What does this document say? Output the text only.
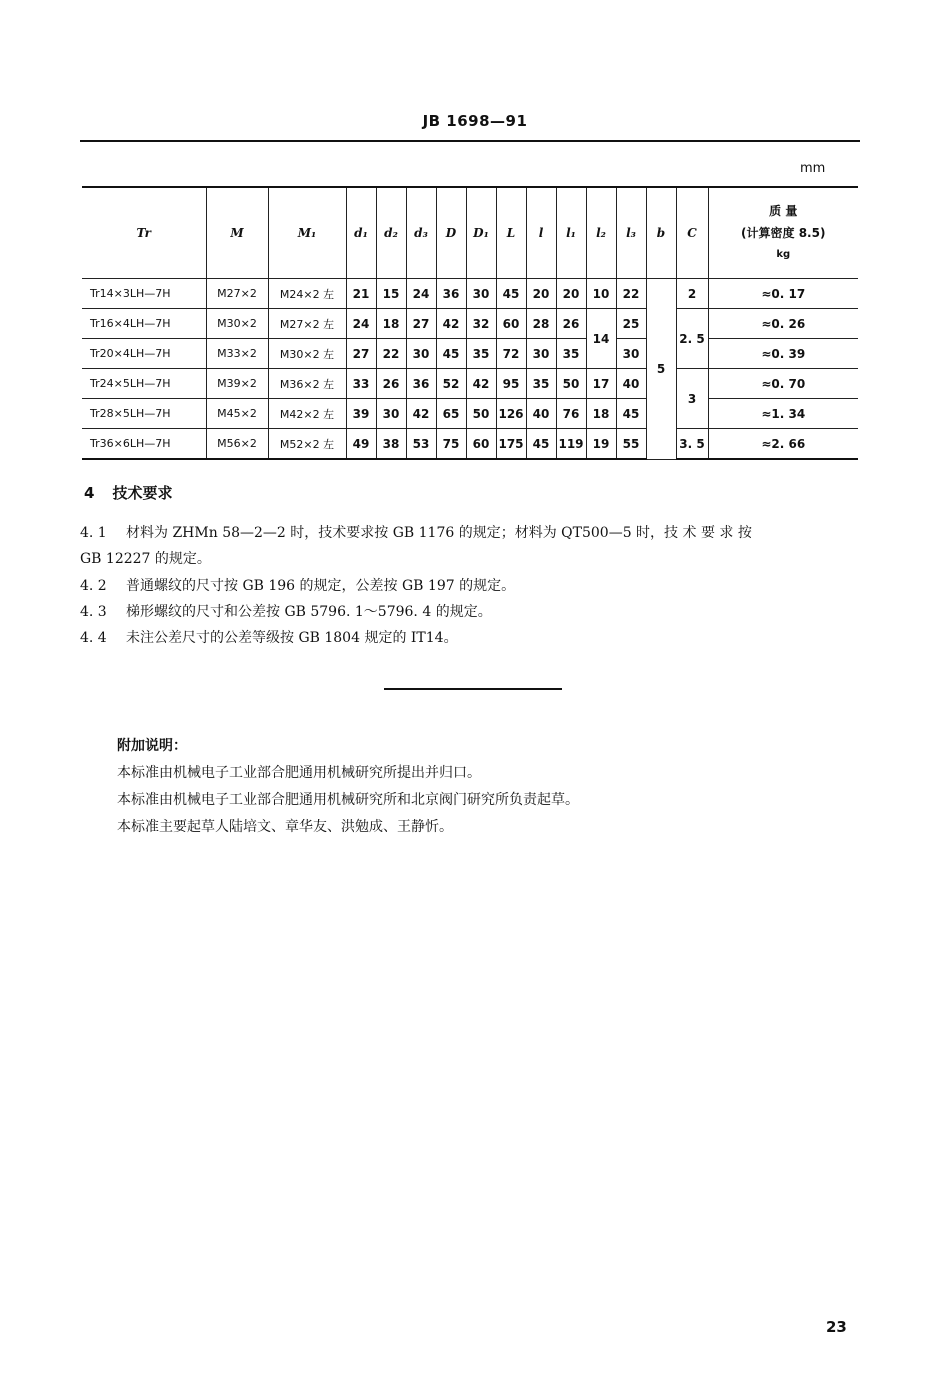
JB 1698—91
mm
Tr	M	M₁	d₁	d₂	d₃	D	D₁	L	l	l₁	l₂	l₃	b	C	质 量
(计算密度 8.5)
kg

Tr14×3LH—7H	M27×2	M24×2 左	21	15	24	36	30	45	20	20	10	22	5	2	≈0. 17
Tr16×4LH—7H	M30×2	M27×2 左	24	18	27	42	32	60	28	26	14	25		2. 5	≈0. 26
Tr20×4LH—7H	M33×2	M30×2 左	27	22	30	45	35	72	30	35		30			≈0. 39
Tr24×5LH—7H	M39×2	M36×2 左	33	26	36	52	42	95	35	50	17	40		3	≈0. 70
Tr28×5LH—7H	M45×2	M42×2 左	39	30	42	65	50	126	40	76	18	45			≈1. 34
Tr36×6LH—7H	M56×2	M52×2 左	49	38	53	75	60	175	45	119	19	55		3. 5	≈2. 66
4 技术要求
4. 1 材料为 ZHMn 58—2—2 时，技术要求按 GB 1176 的规定；材料为 QT500—5 时，技 术 要 求 按
GB 12227 的规定。
4. 2 普通螺纹的尺寸按 GB 196 的规定，公差按 GB 197 的规定。
4. 3 梯形螺纹的尺寸和公差按 GB 5796. 1～5796. 4 的规定。
4. 4 未注公差尺寸的公差等级按 GB 1804 规定的 IT14。
附加说明：
本标准由机械电子工业部合肥通用机械研究所提出并归口。
本标准由机械电子工业部合肥通用机械研究所和北京阀门研究所负责起草。
本标准主要起草人陆培文、章华友、洪勉成、王静忻。
23
